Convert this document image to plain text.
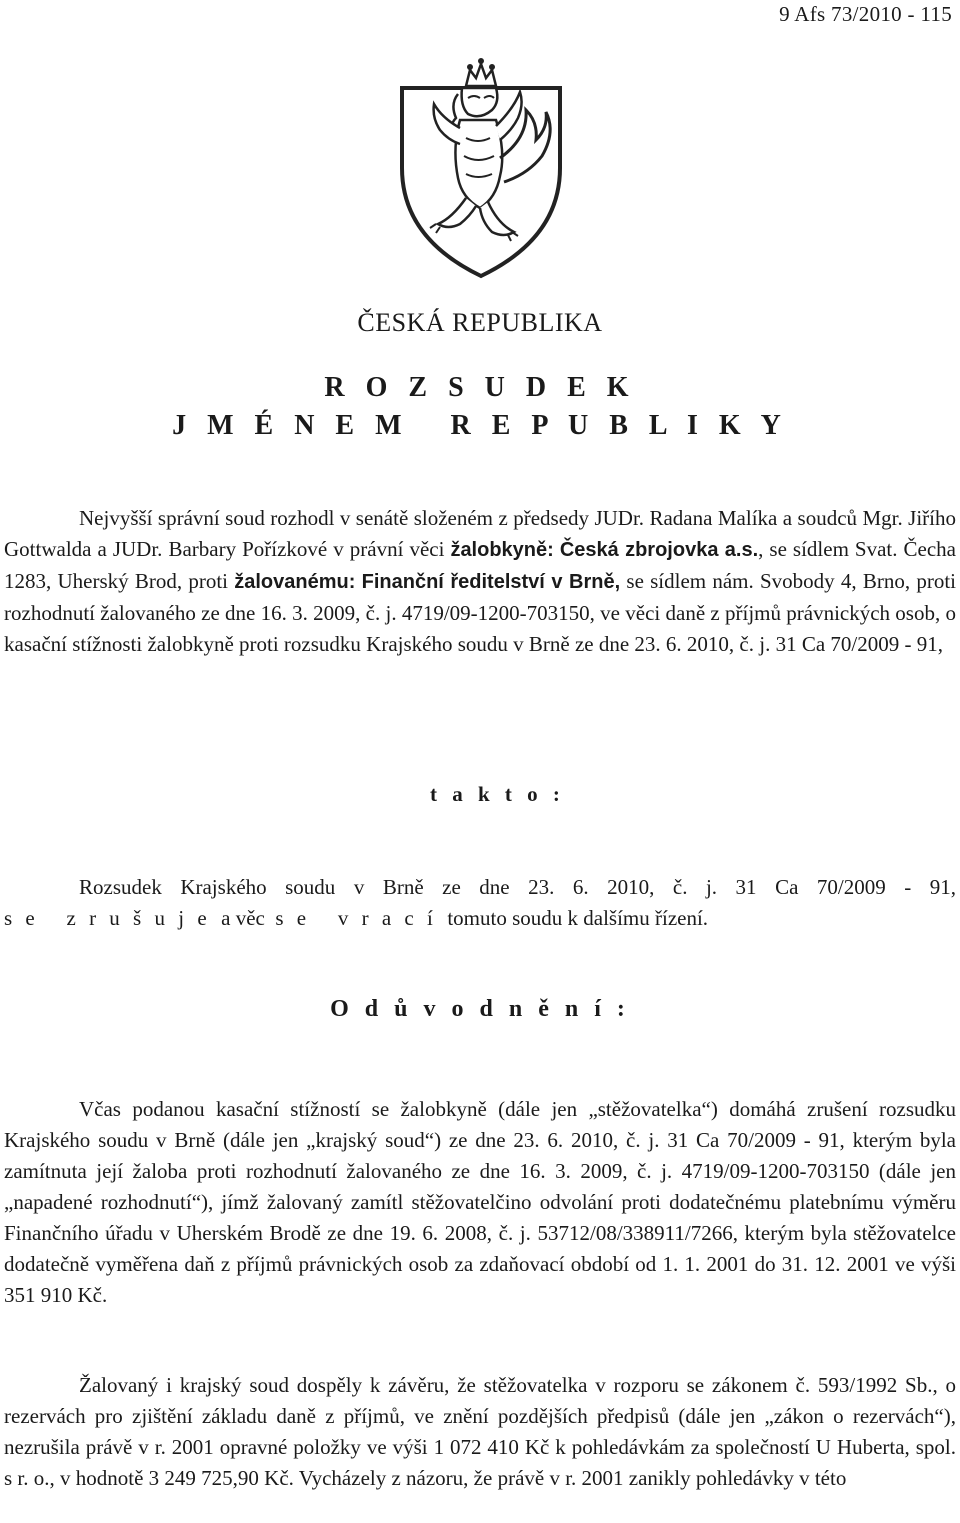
9 Afs 73/2010 - 115
ČESKÁ REPUBLIKA
R O Z S U D E K
J M É N E M   R E P U B L I K Y

Nejvyšší správní soud rozhodl v senátě složeném z předsedy JUDr. Radana Malíka a soudců Mgr. Jiřího Gottwalda a JUDr. Barbary Pořízkové v právní věci žalobkyně: Česká zbrojovka a.s., se sídlem Svat. Čecha 1283, Uherský Brod, proti žalovanému: Finanční ředitelství v Brně, se sídlem nám. Svobody 4, Brno, proti rozhodnutí žalovaného ze dne 16. 3. 2009, č. j. 4719/09-1200-703150, ve věci daně z příjmů právnických osob, o kasační stížnosti žalobkyně proti rozsudku Krajského soudu v Brně ze dne 23. 6. 2010, č. j. 31 Ca 70/2009 - 91,

t a k t o :

Rozsudek Krajského soudu v Brně ze dne 23. 6. 2010, č. j. 31 Ca 70/2009 - 91,
s e   z r u š u j e  a věc  s e   v r a c í  tomuto soudu k dalšímu řízení.

O d ů v o d n ě n í :

Včas podanou kasační stížností se žalobkyně (dále jen „stěžovatelka“) domáhá zrušení rozsudku Krajského soudu v Brně (dále jen „krajský soud“) ze dne 23. 6. 2010, č. j. 31 Ca 70/2009 - 91, kterým byla zamítnuta její žaloba proti rozhodnutí žalovaného ze dne 16. 3. 2009, č. j. 4719/09-1200-703150 (dále jen „napadené rozhodnutí“), jímž žalovaný zamítl stěžovatelčino odvolání proti dodatečnému platebnímu výměru Finančního úřadu v Uherském Brodě ze dne 19. 6. 2008, č. j. 53712/08/338911/7266, kterým byla stěžovatelce dodatečně vyměřena daň z příjmů právnických osob za zdaňovací období od 1. 1. 2001 do 31. 12. 2001 ve výši 351 910 Kč.

Žalovaný i krajský soud dospěly k závěru, že stěžovatelka v rozporu se zákonem č. 593/1992 Sb., o rezervách pro zjištění základu daně z příjmů, ve znění pozdějších předpisů (dále jen „zákon o rezervách“), nezrušila právě v r. 2001 opravné položky ve výši 1 072 410 Kč k pohledávkám za společností U Huberta, spol. s r. o., v hodnotě 3 249 725,90 Kč. Vycházely z názoru, že právě v r. 2001 zanikly pohledávky v této
